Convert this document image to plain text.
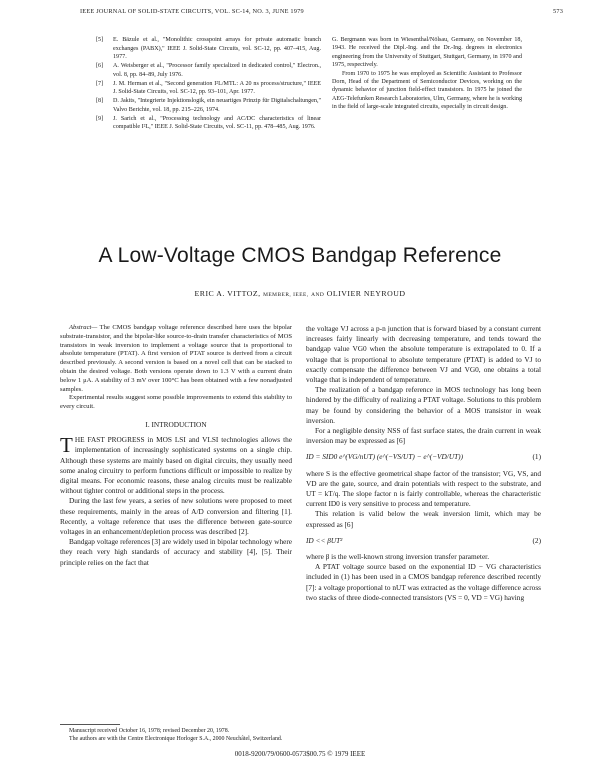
IEEE JOURNAL OF SOLID-STATE CIRCUITS, VOL. SC-14, NO. 3, JUNE 1979	573
[5]	E. Bäzule et al., "Monolithic crosspoint arrays for private automatic branch exchanges (PABX)," IEEE J. Solid-State Circuits, vol. SC-12, pp. 407–415, Aug. 1977.
[6]	A. Weisberger et al., "Processor family specialized in dedicated control," Electron., vol. 8, pp. 84–89, July 1976.
[7]	J. M. Herman et al., "Second generation I²L/MTL: A 20 ns process/structure," IEEE J. Solid-State Circuits, vol. SC-12, pp. 93–101, Apr. 1977.
[8]	D. Jakits, "Integrierte Injektionslogik, ein neuartiges Prinzip für Digitalschaltungen," Valvo Berichte, vol. 18, pp. 215–226, 1974.
[9]	J. Sarich et al., "Processing technology and AC/DC characteristics of linear compatible I²L," IEEE J. Solid-State Circuits, vol. SC-11, pp. 478–485, Aug. 1976.

G. Bergmann was born in Wiesenthal/Nölsau, Germany, on November 18, 1943. He received the Dipl.-Ing. and the Dr.-Ing. degrees in electronics engineering from the University of Stuttgart, Stuttgart, Germany, in 1970 and 1975, respectively.

From 1970 to 1975 he was employed as Scientific Assistant to Professor Dorn, Head of the Department of Semiconductor Devices, working on the dynamic behavior of junction field-effect transistors. In 1975 he joined the AEG-Telefunken Research Laboratories, Ulm, Germany, where he is working in the field of large-scale integrated circuits, especially in circuit design.

A Low-Voltage CMOS Bandgap Reference
ERIC A. VITTOZ, MEMBER, IEEE, AND OLIVIER NEYROUD

Abstract— The CMOS bandgap voltage reference described here uses the bipolar substrate-transistor, and the bipolar-like source-to-drain transfer characteristics of MOS transistors in weak inversion to implement a voltage source that is proportional to absolute temperature (PTAT). A first version of PTAT source is derived from a circuit described previously. A second version is based on a novel cell that can be stacked to obtain the desired voltage. Both versions operate down to 1.3 V with a current drain below 1 μA. A stability of 3 mV over 100°C has been obtained with a few nonadjusted samples.

Experimental results suggest some possible improvements to extend this stability to every circuit.

I. INTRODUCTION

THE FAST PROGRESS in MOS LSI and VLSI technologies allows the implementation of increasingly sophisticated systems on a single chip. Although these systems are mainly based on digital circuits, they usually need some analog circuitry to perform functions difficult or impossible to realize by digital means. For economic reasons, these analog circuits must be realizable without tighter control or additional steps in the process.

During the last few years, a series of new solutions were proposed to meet these requirements, mainly in the areas of A/D conversion and filtering [1]. Recently, a voltage reference that uses the difference between gate-source voltages in an enhancement/depletion process was described [2].

Bandgap voltage references [3] are widely used in bipolar technology where they reach very high standards of accuracy and stability [4], [5]. Their principle relies on the fact that

Manuscript received October 16, 1978; revised December 20, 1978.

The authors are with the Centre Electronique Horloger S.A., 2000 Neuchâtel, Switzerland.

the voltage VJ across a p-n junction that is forward biased by a constant current increases fairly linearly with decreasing temperature, and tends toward the bandgap value VG0 when the absolute temperature is extrapolated to 0. If a voltage that is proportional to absolute temperature (PTAT) is added to VJ to exactly compensate the difference between VJ and VG0, one obtains a total voltage that is independent of temperature.

The realization of a bandgap reference in MOS technology has long been hindered by the difficulty of realizing a PTAT voltage. Solutions to this problem may be found by considering the behavior of a MOS transistor in weak inversion.

For a negligible density NSS of fast surface states, the drain current in weak inversion may be expressed as [6]

ID = SID0 e^(VG/nUT) (e^(−VS/UT) − e^(−VD/UT))	(1)

where S is the effective geometrical shape factor of the transistor; VG, VS, and VD are the gate, source, and drain potentials with respect to the substrate, and UT = kT/q. The slope factor n is fairly controllable, whereas the characteristic current ID0 is very sensitive to process and temperature.

This relation is valid below the weak inversion limit, which may be expressed as [6]

ID << βUT²	(2)

where β is the well-known strong inversion transfer parameter.

A PTAT voltage source based on the exponential ID − VG characteristics included in (1) has been used in a CMOS bandgap reference described recently [7]: a voltage proportional to nUT was extracted as the voltage difference across two stacks of three diode-connected transistors (VS = 0, VD = VG) having

0018-9200/79/0600-0573$00.75 © 1979 IEEE
